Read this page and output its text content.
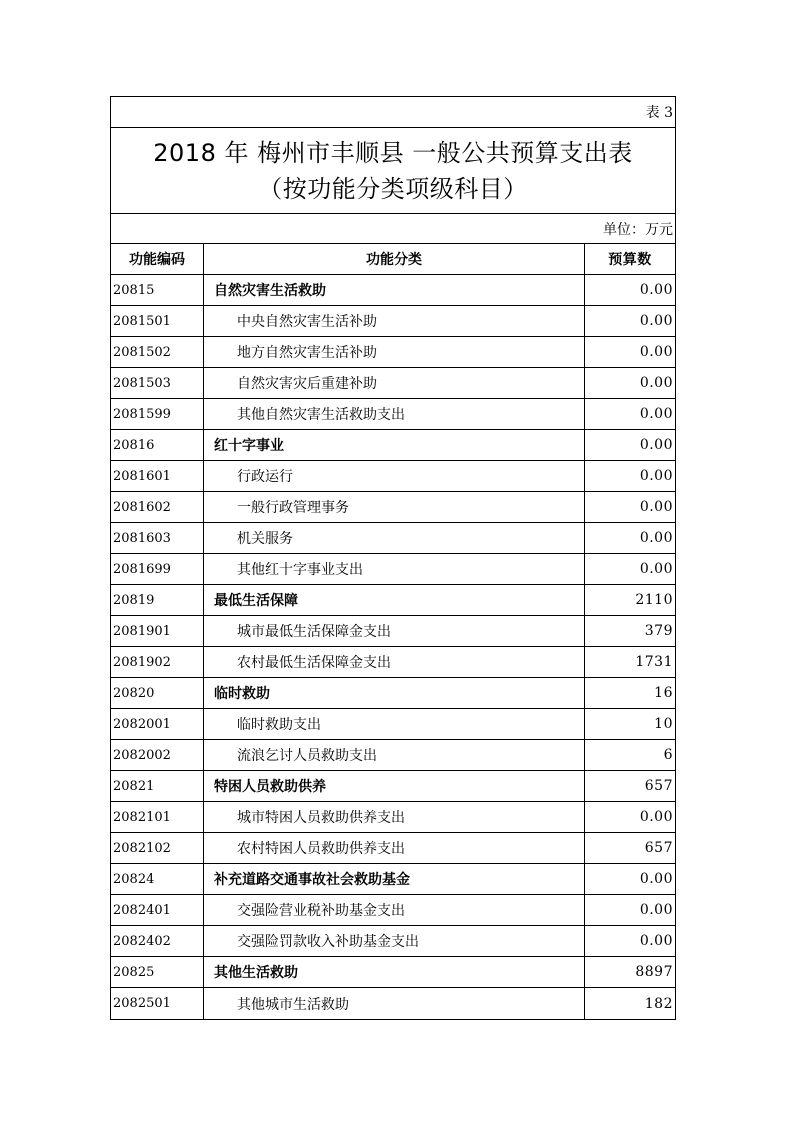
表 3
2018 年 梅州市丰顺县 一般公共预算支出表
（按功能分类项级科目）
单位：万元
功能编码	功能分类	预算数
20815	自然灾害生活救助	0.00
2081501	中央自然灾害生活补助	0.00
2081502	地方自然灾害生活补助	0.00
2081503	自然灾害灾后重建补助	0.00
2081599	其他自然灾害生活救助支出	0.00
20816	红十字事业	0.00
2081601	行政运行	0.00
2081602	一般行政管理事务	0.00
2081603	机关服务	0.00
2081699	其他红十字事业支出	0.00
20819	最低生活保障	2110
2081901	城市最低生活保障金支出	379
2081902	农村最低生活保障金支出	1731
20820	临时救助	16
2082001	临时救助支出	10
2082002	流浪乞讨人员救助支出	6
20821	特困人员救助供养	657
2082101	城市特困人员救助供养支出	0.00
2082102	农村特困人员救助供养支出	657
20824	补充道路交通事故社会救助基金	0.00
2082401	交强险营业税补助基金支出	0.00
2082402	交强险罚款收入补助基金支出	0.00
20825	其他生活救助	8897
2082501	其他城市生活救助	182
